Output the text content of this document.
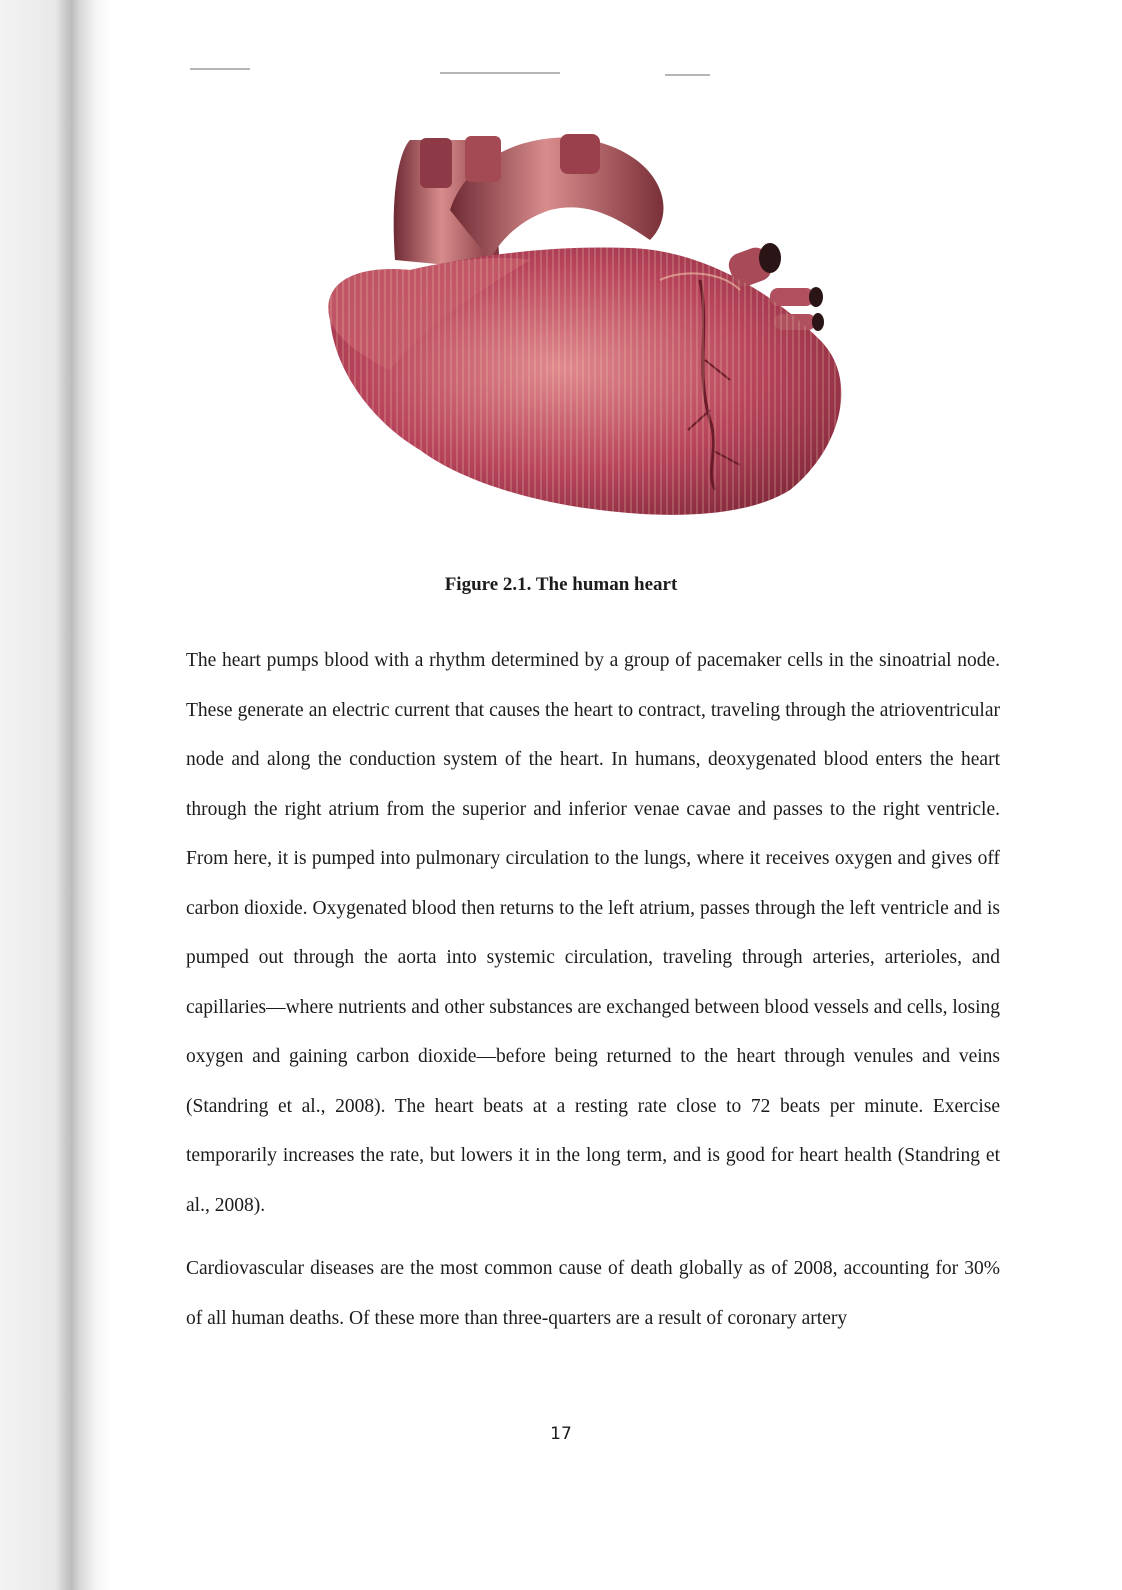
Figure 2.1. The human heart

The heart pumps blood with a rhythm determined by a group of pacemaker cells in the sinoatrial node. These generate an electric current that causes the heart to contract, traveling through the atrioventricular node and along the conduction system of the heart. In humans, deoxygenated blood enters the heart through the right atrium from the superior and inferior venae cavae and passes to the right ventricle. From here, it is pumped into pulmonary circulation to the lungs, where it receives oxygen and gives off carbon dioxide. Oxygenated blood then returns to the left atrium, passes through the left ventricle and is pumped out through the aorta into systemic circulation, traveling through arteries, arterioles, and capillaries—where nutrients and other substances are exchanged between blood vessels and cells, losing oxygen and gaining carbon dioxide—before being returned to the heart through venules and veins (Standring et al., 2008). The heart beats at a resting rate close to 72 beats per minute. Exercise temporarily increases the rate, but lowers it in the long term, and is good for heart health (Standring et al., 2008).

Cardiovascular diseases are the most common cause of death globally as of 2008, accounting for 30% of all human deaths. Of these more than three-quarters are a result of coronary artery

17
